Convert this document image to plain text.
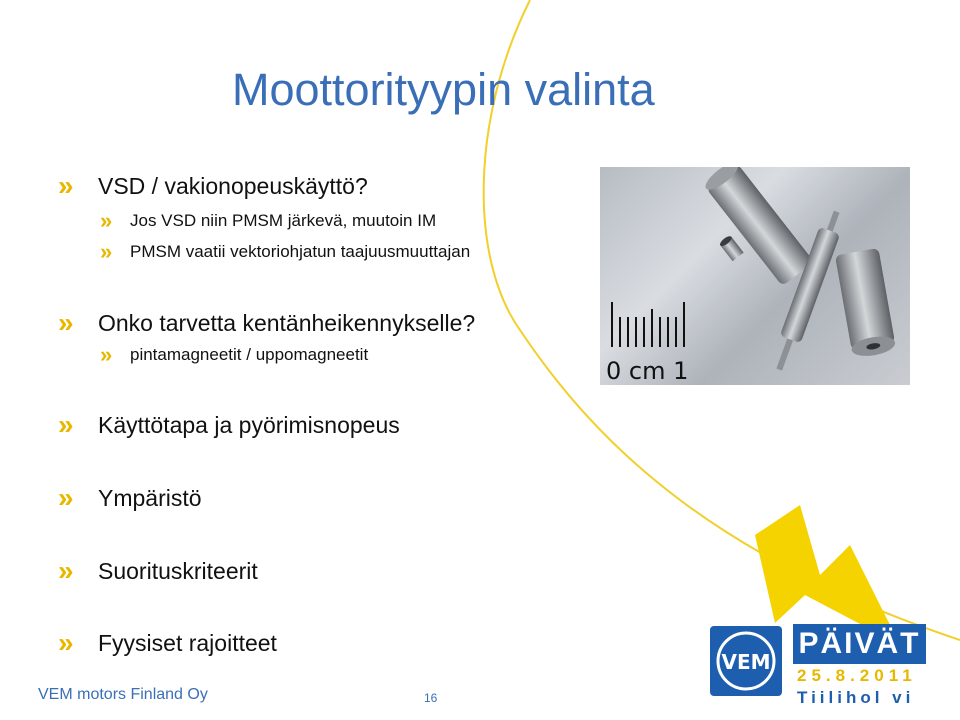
Moottorityypin valinta
»	VSD / vakionopeuskäyttö?
»	Jos VSD niin PMSM järkevä, muutoin IM
»	PMSM vaatii vektoriohjatun taajuusmuuttajan
»	Onko tarvetta kentänheikennykselle?
»	pintamagneetit / uppomagneetit
»	Käyttötapa ja pyörimisnopeus
»	Ympäristö
»	Suorituskriteerit
»	Fyysiset rajoitteet
0 cm 1
VEM motors Finland Oy	16
VEM
PÄIVÄT
25.8.2011
Tiilihol vi
